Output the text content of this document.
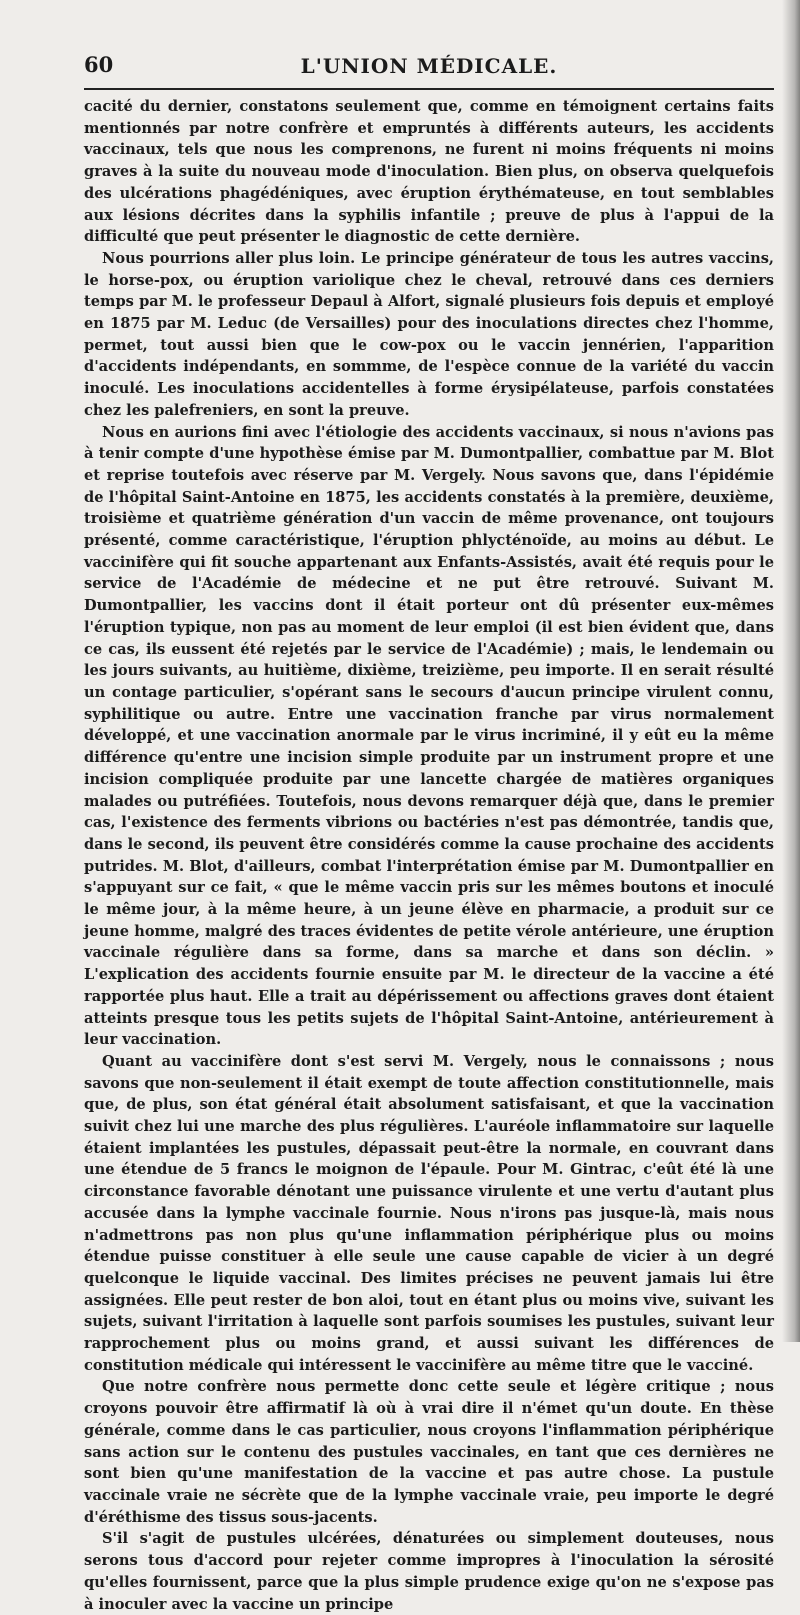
60	L'UNION MÉDICALE.

cacité du dernier, constatons seulement que, comme en témoignent certains faits mentionnés par notre confrère et empruntés à différents auteurs, les accidents vaccinaux, tels que nous les comprenons, ne furent ni moins fréquents ni moins graves à la suite du nouveau mode d'inoculation. Bien plus, on observa quelquefois des ulcérations phagédéniques, avec éruption érythémateuse, en tout semblables aux lésions décrites dans la syphilis infantile ; preuve de plus à l'appui de la difficulté que peut présenter le diagnostic de cette dernière.

Nous pourrions aller plus loin. Le principe générateur de tous les autres vaccins, le horse-pox, ou éruption variolique chez le cheval, retrouvé dans ces derniers temps par M. le professeur Depaul à Alfort, signalé plusieurs fois depuis et employé en 1875 par M. Leduc (de Versailles) pour des inoculations directes chez l'homme, permet, tout aussi bien que le cow-pox ou le vaccin jennérien, l'apparition d'accidents indépendants, en sommme, de l'espèce connue de la variété du vaccin inoculé. Les inoculations accidentelles à forme érysipélateuse, parfois constatées chez les palefreniers, en sont la preuve.

Nous en aurions fini avec l'étiologie des accidents vaccinaux, si nous n'avions pas à tenir compte d'une hypothèse émise par M. Dumontpallier, combattue par M. Blot et reprise toutefois avec réserve par M. Vergely. Nous savons que, dans l'épidémie de l'hôpital Saint-Antoine en 1875, les accidents constatés à la première, deuxième, troisième et quatrième génération d'un vaccin de même provenance, ont toujours présenté, comme caractéristique, l'éruption phlycténoïde, au moins au début. Le vaccinifère qui fit souche appartenant aux Enfants-Assistés, avait été requis pour le service de l'Académie de médecine et ne put être retrouvé. Suivant M. Dumontpallier, les vaccins dont il était porteur ont dû présenter eux-mêmes l'éruption typique, non pas au moment de leur emploi (il est bien évident que, dans ce cas, ils eussent été rejetés par le service de l'Académie) ; mais, le lendemain ou les jours suivants, au huitième, dixième, treizième, peu importe. Il en serait résulté un contage particulier, s'opérant sans le secours d'aucun principe virulent connu, syphilitique ou autre. Entre une vaccination franche par virus normalement développé, et une vaccination anormale par le virus incriminé, il y eût eu la même différence qu'entre une incision simple produite par un instrument propre et une incision compliquée produite par une lancette chargée de matières organiques malades ou putréfiées. Toutefois, nous devons remarquer déjà que, dans le premier cas, l'existence des ferments vibrions ou bactéries n'est pas démontrée, tandis que, dans le second, ils peuvent être considérés comme la cause prochaine des accidents putrides. M. Blot, d'ailleurs, combat l'interprétation émise par M. Dumontpallier en s'appuyant sur ce fait, « que le même vaccin pris sur les mêmes boutons et inoculé le même jour, à la même heure, à un jeune élève en pharmacie, a produit sur ce jeune homme, malgré des traces évidentes de petite vérole antérieure, une éruption vaccinale régulière dans sa forme, dans sa marche et dans son déclin. » L'explication des accidents fournie ensuite par M. le directeur de la vaccine a été rapportée plus haut. Elle a trait au dépérissement ou affections graves dont étaient atteints presque tous les petits sujets de l'hôpital Saint-Antoine, antérieurement à leur vaccination.

Quant au vaccinifère dont s'est servi M. Vergely, nous le connaissons ; nous savons que non-seulement il était exempt de toute affection constitutionnelle, mais que, de plus, son état général était absolument satisfaisant, et que la vaccination suivit chez lui une marche des plus régulières. L'auréole inflammatoire sur laquelle étaient implantées les pustules, dépassait peut-être la normale, en couvrant dans une étendue de 5 francs le moignon de l'épaule. Pour M. Gintrac, c'eût été là une circonstance favorable dénotant une puissance virulente et une vertu d'autant plus accusée dans la lymphe vaccinale fournie. Nous n'irons pas jusque-là, mais nous n'admettrons pas non plus qu'une inflammation périphérique plus ou moins étendue puisse constituer à elle seule une cause capable de vicier à un degré quelconque le liquide vaccinal. Des limites précises ne peuvent jamais lui être assignées. Elle peut rester de bon aloi, tout en étant plus ou moins vive, suivant les sujets, suivant l'irritation à laquelle sont parfois soumises les pustules, suivant leur rapprochement plus ou moins grand, et aussi suivant les différences de constitution médicale qui intéressent le vaccinifère au même titre que le vacciné.

Que notre confrère nous permette donc cette seule et légère critique ; nous croyons pouvoir être affirmatif là où à vrai dire il n'émet qu'un doute. En thèse générale, comme dans le cas particulier, nous croyons l'inflammation périphérique sans action sur le contenu des pustules vaccinales, en tant que ces dernières ne sont bien qu'une manifestation de la vaccine et pas autre chose. La pustule vaccinale vraie ne sécrète que de la lymphe vaccinale vraie, peu importe le degré d'éréthisme des tissus sous-jacents.

S'il s'agit de pustules ulcérées, dénaturées ou simplement douteuses, nous serons tous d'accord pour rejeter comme impropres à l'inoculation la sérosité qu'elles fournissent, parce que la plus simple prudence exige qu'on ne s'expose pas à inoculer avec la vaccine un principe
